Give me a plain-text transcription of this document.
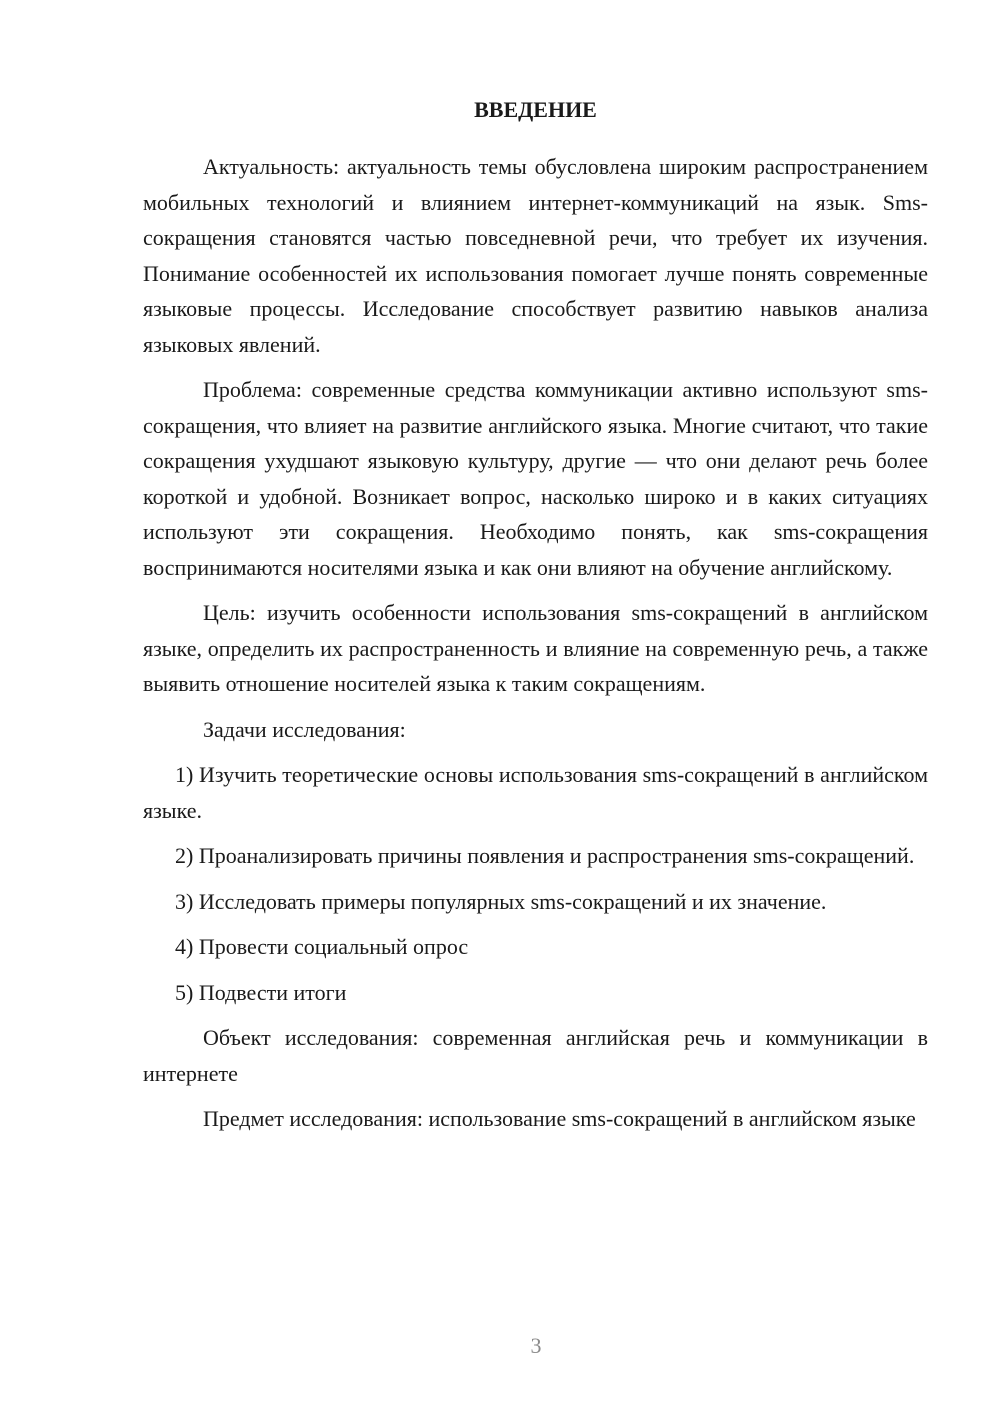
ВВЕДЕНИЕ

Актуальность: актуальность темы обусловлена широким распространением мобильных технологий и влиянием интернет-коммуникаций на язык. Sms-сокращения становятся частью повседневной речи, что требует их изучения. Понимание особенностей их использования помогает лучше понять современные языковые процессы. Исследование способствует развитию навыков анализа языковых явлений.

Проблема: современные средства коммуникации активно используют sms-сокращения, что влияет на развитие английского языка. Многие считают, что такие сокращения ухудшают языковую культуру, другие — что они делают речь более короткой и удобной. Возникает вопрос, насколько широко и в каких ситуациях используют эти сокращения. Необходимо понять, как sms-сокращения воспринимаются носителями языка и как они влияют на обучение английскому.

Цель: изучить особенности использования sms-сокращений в английском языке, определить их распространенность и влияние на современную речь, а также выявить отношение носителей языка к таким сокращениям.

Задачи исследования:

1) Изучить теоретические основы использования sms-сокращений в английском языке.

2) Проанализировать причины появления и распространения sms-сокращений.

3) Исследовать примеры популярных sms-сокращений и их значение.

4) Провести социальный опрос

5) Подвести итоги

Объект исследования: современная английская речь и коммуникации в интернете

Предмет исследования: использование sms-сокращений в английском языке

3
